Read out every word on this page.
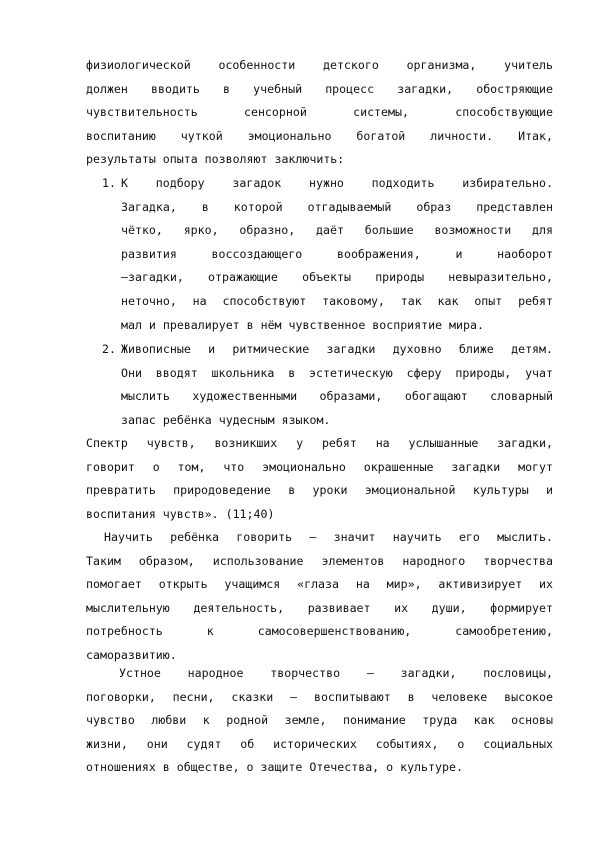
физиологической особенности детского организма, учитель
должен вводить в учебный процесс загадки, обостряющие
чувствительность сенсорной системы, способствующие
воспитанию чуткой эмоционально богатой личности. Итак,
результаты опыта позволяют заключить:
1. К подбору загадок нужно подходить избирательно.
Загадка, в которой отгадываемый образ представлен
чётко, ярко, образно, даёт большие возможности для
развития воссоздающего воображения, и наоборот
–загадки, отражающие объекты природы невыразительно,
неточно, на способствуют таковому, так как опыт ребят
мал и превалирует в нём чувственное восприятие мира.
2. Живописные и ритмические загадки духовно ближе детям.
Они вводят школьника в эстетическую сферу природы, учат
мыслить художественными образами, обогащают словарный
запас ребёнка чудесным языком.
Спектр чувств, возникших у ребят на услышанные загадки,
говорит о том, что эмоционально окрашенные загадки могут
превратить природоведение в уроки эмоциональной культуры и
воспитания чувств». (11;40)
Научить ребёнка говорить – значит научить его мыслить.
Таким образом, использование элементов народного творчества
помогает открыть учащимся «глаза на мир», активизирует их
мыслительную деятельность, развивает их души, формирует
потребность к самосовершенствованию, самообретению,
саморазвитию.
Устное народное творчество – загадки, пословицы,
поговорки, песни, сказки – воспитывают в человеке высокое
чувство любви к родной земле, понимание труда как основы
жизни, они судят об исторических событиях, о социальных
отношениях в обществе, о защите Отечества, о культуре.
